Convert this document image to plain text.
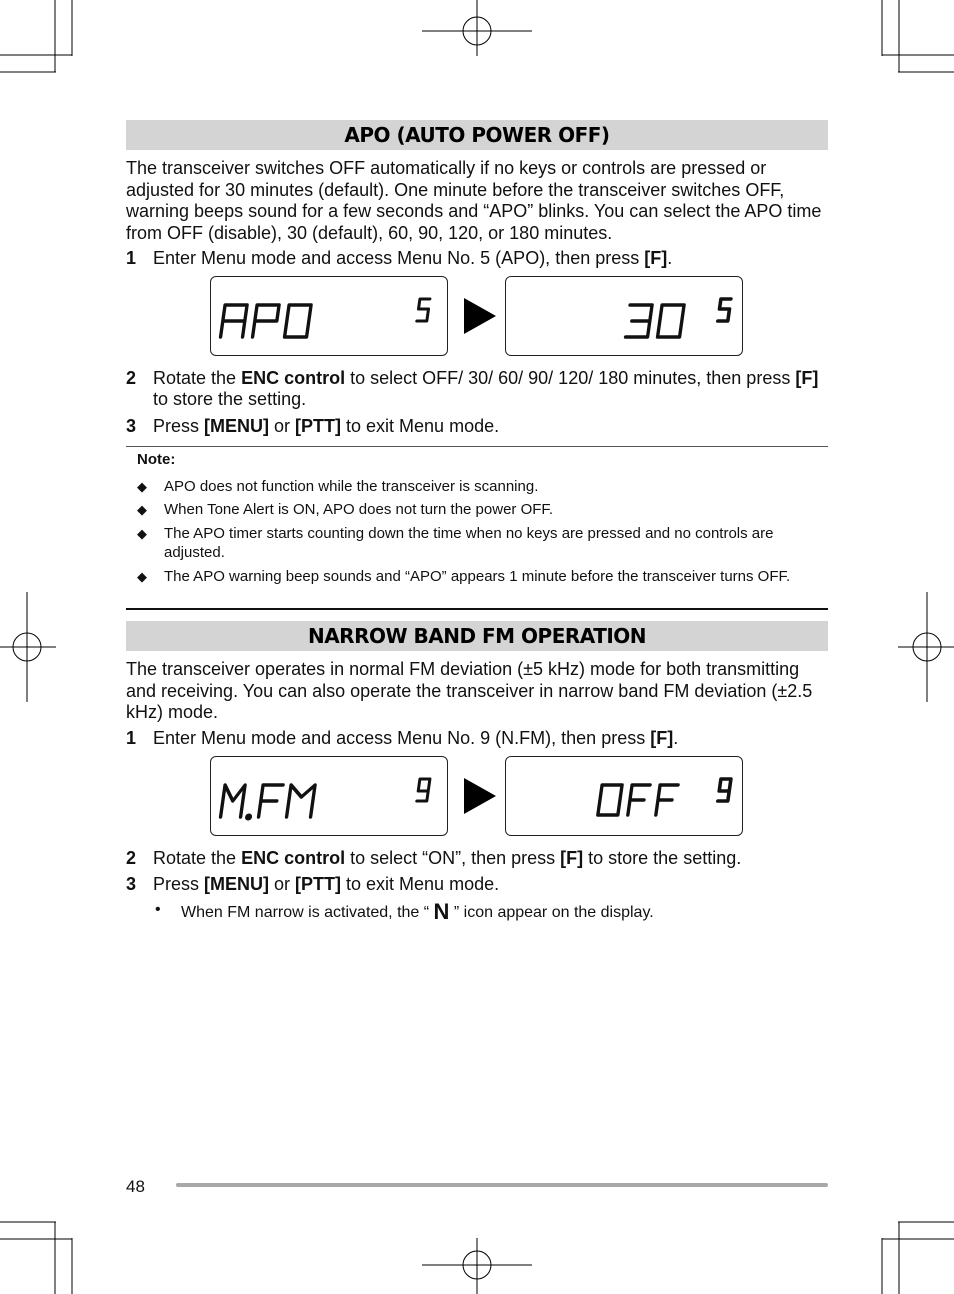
APO (AUTO POWER OFF)

The transceiver switches OFF automatically if no keys or controls are pressed or adjusted for 30 minutes (default). One minute before the transceiver switches OFF, warning beeps sound for a few seconds and “APO” blinks. You can select the APO time from OFF (disable), 30 (default), 60, 90, 120, or 180 minutes.

1 Enter Menu mode and access Menu No. 5 (APO), then press [F].
2 Rotate the ENC control to select OFF/ 30/ 60/ 90/ 120/ 180 minutes, then press [F] to store the setting.
3 Press [MENU] or [PTT] to exit Menu mode.
Note:
◆ APO does not function while the transceiver is scanning.
◆ When Tone Alert is ON, APO does not turn the power OFF.
◆ The APO timer starts counting down the time when no keys are pressed and no controls are adjusted.
◆ The APO warning beep sounds and “APO” appears 1 minute before the transceiver turns OFF.
NARROW BAND FM OPERATION

The transceiver operates in normal FM deviation (±5 kHz) mode for both transmitting and receiving. You can also operate the transceiver in narrow band FM deviation (±2.5 kHz) mode.

1 Enter Menu mode and access Menu No. 9 (N.FM), then press [F].
2 Rotate the ENC control to select “ON”, then press [F] to store the setting.
3 Press [MENU] or [PTT] to exit Menu mode.
• When FM narrow is activated, the “ N ” icon appear on the display.
48
